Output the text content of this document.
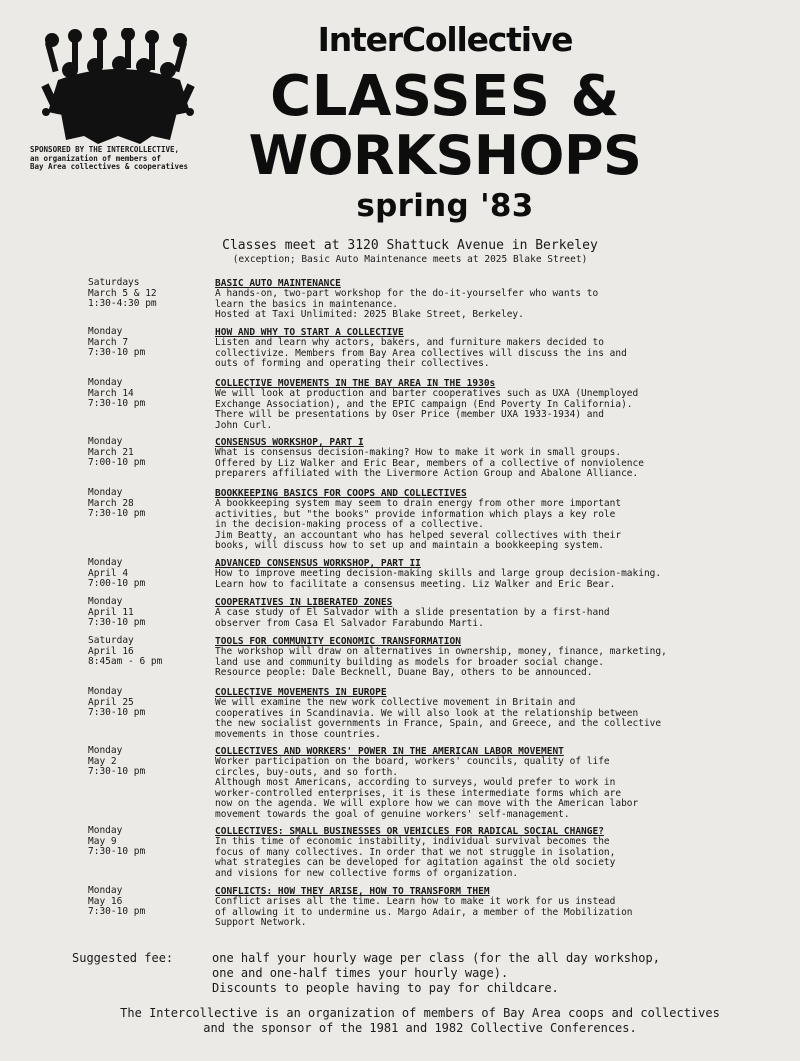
SPONSORED BY THE INTERCOLLECTIVE,
an organization of members of
Bay Area collectives & cooperatives
InterCollective
CLASSES &
WORKSHOPS
spring '83
Classes meet at 3120 Shattuck Avenue in Berkeley
(exception; Basic Auto Maintenance meets at 2025 Blake Street)
Saturdays
March 5 & 12
1:30-4:30 pm
BASIC AUTO MAINTENANCE
A hands-on, two-part workshop for the do-it-yourselfer who wants to
learn the basics in maintenance.
Hosted at Taxi Unlimited: 2025 Blake Street, Berkeley.
Monday
March 7
7:30-10 pm
HOW AND WHY TO START A COLLECTIVE
Listen and learn why actors, bakers, and furniture makers decided to
collectivize. Members from Bay Area collectives will discuss the ins and
outs of forming and operating their collectives.
Monday
March 14
7:30-10 pm
COLLECTIVE MOVEMENTS IN THE BAY AREA IN THE 1930s
We will look at production and barter cooperatives such as UXA (Unemployed
Exchange Association), and the EPIC campaign (End Poverty In California).
There will be presentations by Oser Price (member UXA 1933-1934) and
John Curl.
Monday
March 21
7:00-10 pm
CONSENSUS WORKSHOP, PART I
What is consensus decision-making? How to make it work in small groups.
Offered by Liz Walker and Eric Bear, members of a collective of nonviolence
preparers affiliated with the Livermore Action Group and Abalone Alliance.
Monday
March 28
7:30-10 pm
BOOKKEEPING BASICS FOR COOPS AND COLLECTIVES
A bookkeeping system may seem to drain energy from other more important
activities, but "the books" provide information which plays a key role
in the decision-making process of a collective.
Jim Beatty, an accountant who has helped several collectives with their
books, will discuss how to set up and maintain a bookkeeping system.
Monday
April 4
7:00-10 pm
ADVANCED CONSENSUS WORKSHOP, PART II
How to improve meeting decision-making skills and large group decision-making.
Learn how to facilitate a consensus meeting. Liz Walker and Eric Bear.
Monday
April 11
7:30-10 pm
COOPERATIVES IN LIBERATED ZONES
A case study of El Salvador with a slide presentation by a first-hand
observer from Casa El Salvador Farabundo Marti.
Saturday
April 16
8:45am - 6 pm
TOOLS FOR COMMUNITY ECONOMIC TRANSFORMATION
The workshop will draw on alternatives in ownership, money, finance, marketing,
land use and community building as models for broader social change.
Resource people: Dale Becknell, Duane Bay, others to be announced.
Monday
April 25
7:30-10 pm
COLLECTIVE MOVEMENTS IN EUROPE
We will examine the new work collective movement in Britain and
cooperatives in Scandinavia. We will also look at the relationship between
the new socialist governments in France, Spain, and Greece, and the collective
movements in those countries.
Monday
May 2
7:30-10 pm
COLLECTIVES AND WORKERS' POWER IN THE AMERICAN LABOR MOVEMENT
Worker participation on the board, workers' councils, quality of life
circles, buy-outs, and so forth.
Although most Americans, according to surveys, would prefer to work in
worker-controlled enterprises, it is these intermediate forms which are
now on the agenda. We will explore how we can move with the American labor
movement towards the goal of genuine workers' self-management.
Monday
May 9
7:30-10 pm
COLLECTIVES: SMALL BUSINESSES OR VEHICLES FOR RADICAL SOCIAL CHANGE?
In this time of economic instability, individual survival becomes the
focus of many collectives. In order that we not struggle in isolation,
what strategies can be developed for agitation against the old society
and visions for new collective forms of organization.
Monday
May 16
7:30-10 pm
CONFLICTS: HOW THEY ARISE, HOW TO TRANSFORM THEM
Conflict arises all the time. Learn how to make it work for us instead
of allowing it to undermine us. Margo Adair, a member of the Mobilization
Support Network.
Suggested fee:	one half your hourly wage per class (for the all day workshop,
one and one-half times your hourly wage).
Discounts to people having to pay for childcare.
The Intercollective is an organization of members of Bay Area coops and collectives
and the sponsor of the 1981 and 1982 Collective Conferences.
